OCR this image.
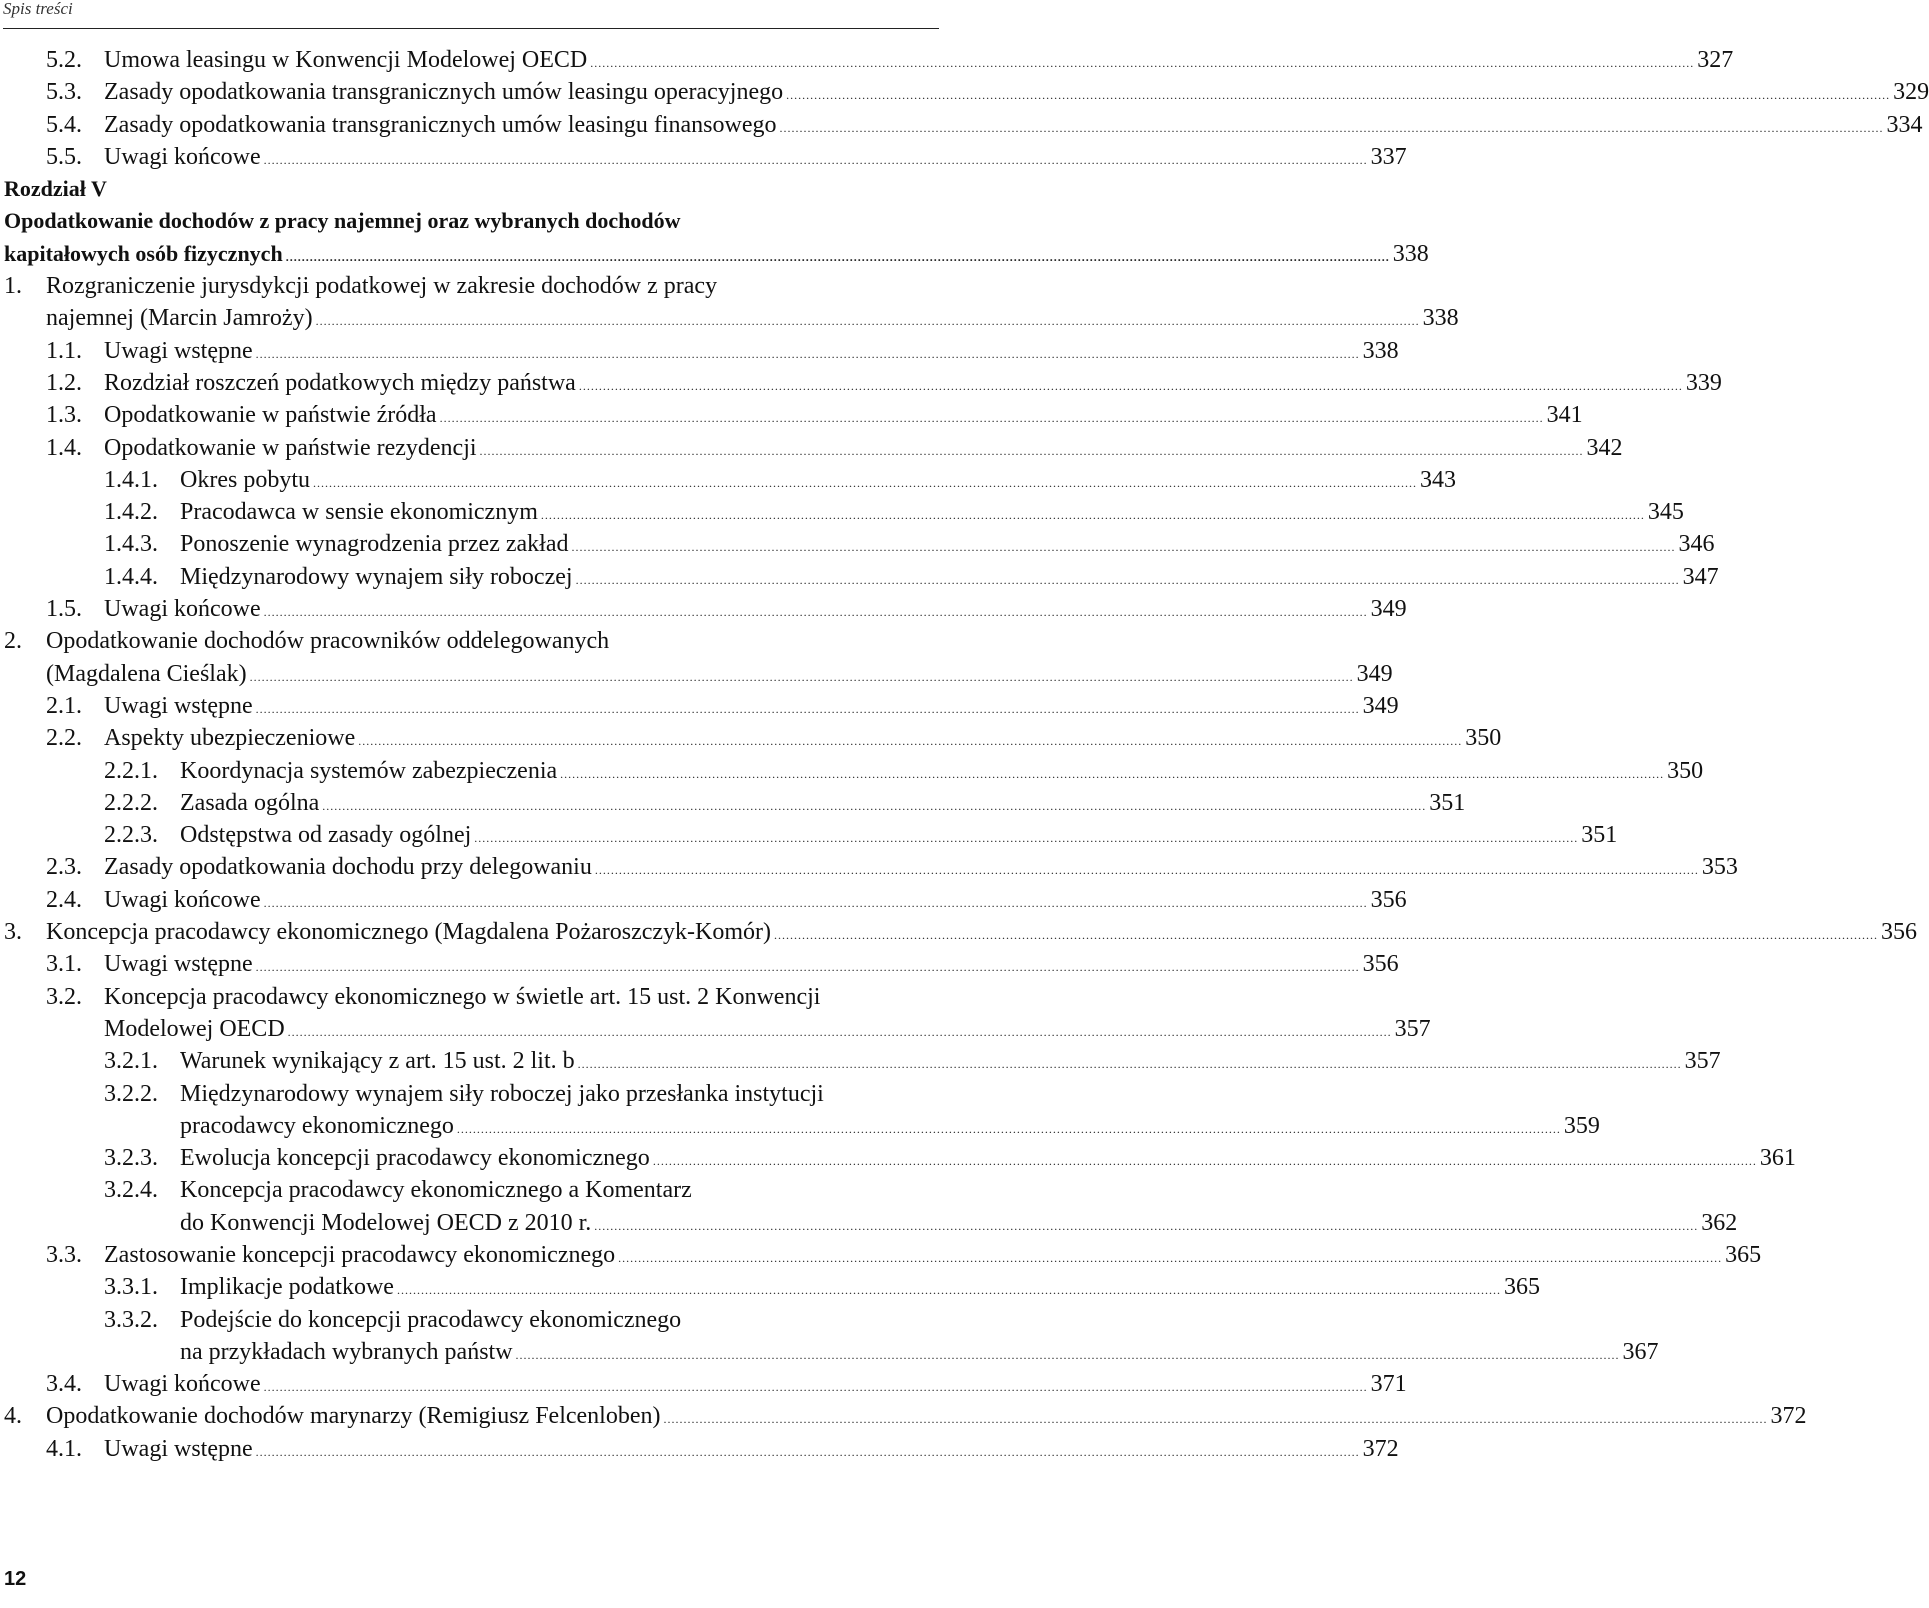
Spis treści
5.2. Umowa leasingu w Konwencji Modelowej OECD .....	327
5.3. Zasady opodatkowania transgranicznych umów leasingu operacyjnego .....	329
5.4. Zasady opodatkowania transgranicznych umów leasingu finansowego .....	334
5.5. Uwagi końcowe .....	337
Rozdział V
Opodatkowanie dochodów z pracy najemnej oraz wybranych dochodów
kapitałowych osób fizycznych .....	338
1. Rozgraniczenie jurysdykcji podatkowej w zakresie dochodów z pracy
najemnej (Marcin Jamroży) .....	338
1.1. Uwagi wstępne .....	338
1.2. Rozdział roszczeń podatkowych między państwa .....	339
1.3. Opodatkowanie w państwie źródła .....	341
1.4. Opodatkowanie w państwie rezydencji .....	342
1.4.1. Okres pobytu .....	343
1.4.2. Pracodawca w sensie ekonomicznym .....	345
1.4.3. Ponoszenie wynagrodzenia przez zakład .....	346
1.4.4. Międzynarodowy wynajem siły roboczej .....	347
1.5. Uwagi końcowe .....	349
2. Opodatkowanie dochodów pracowników oddelegowanych
(Magdalena Cieślak) .....	349
2.1. Uwagi wstępne .....	349
2.2. Aspekty ubezpieczeniowe .....	350
2.2.1. Koordynacja systemów zabezpieczenia .....	350
2.2.2. Zasada ogólna .....	351
2.2.3. Odstępstwa od zasady ogólnej .....	351
2.3. Zasady opodatkowania dochodu przy delegowaniu .....	353
2.4. Uwagi końcowe .....	356
3. Koncepcja pracodawcy ekonomicznego (Magdalena Pożaroszczyk-Komór) .....	356
3.1. Uwagi wstępne .....	356
3.2. Koncepcja pracodawcy ekonomicznego w świetle art. 15 ust. 2 Konwencji
Modelowej OECD .....	357
3.2.1. Warunek wynikający z art. 15 ust. 2 lit. b .....	357
3.2.2. Międzynarodowy wynajem siły roboczej jako przesłanka instytucji
pracodawcy ekonomicznego .....	359
3.2.3. Ewolucja koncepcji pracodawcy ekonomicznego .....	361
3.2.4. Koncepcja pracodawcy ekonomicznego a Komentarz
do Konwencji Modelowej OECD z 2010 r. .....	362
3.3. Zastosowanie koncepcji pracodawcy ekonomicznego .....	365
3.3.1. Implikacje podatkowe .....	365
3.3.2. Podejście do koncepcji pracodawcy ekonomicznego
na przykładach wybranych państw .....	367
3.4. Uwagi końcowe .....	371
4. Opodatkowanie dochodów marynarzy (Remigiusz Felcenloben) .....	372
4.1. Uwagi wstępne .....	372
12
